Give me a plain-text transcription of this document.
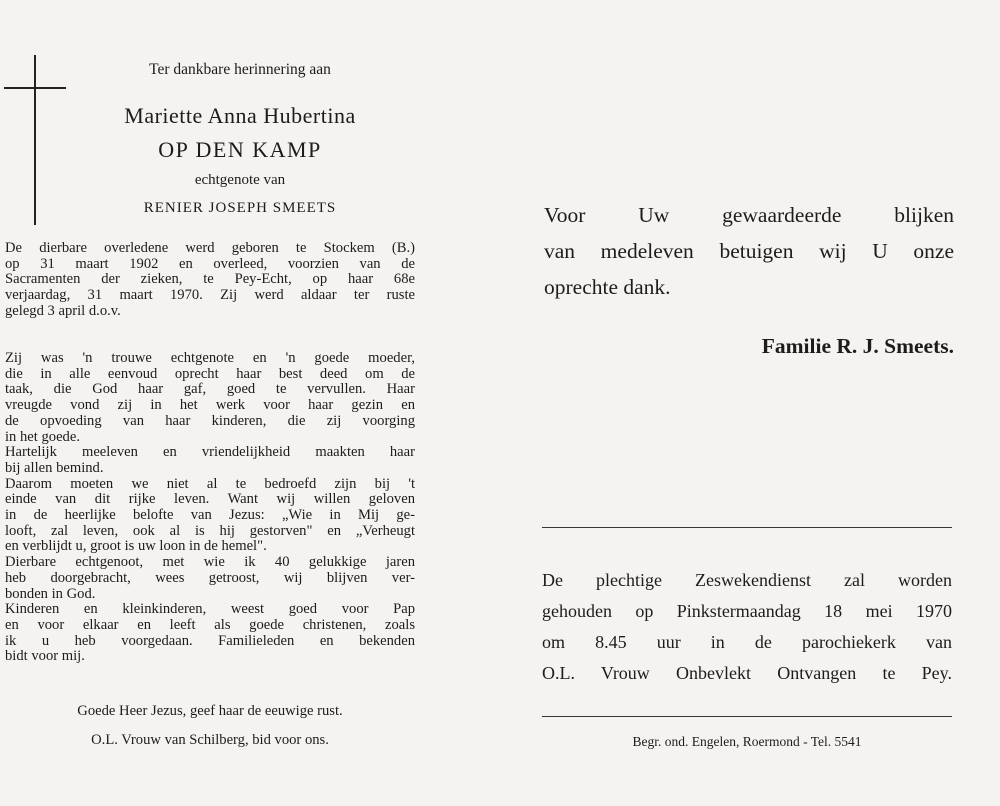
Ter dankbare herinnering aan
Mariette Anna Hubertina
OP DEN KAMP
echtgenote van
RENIER JOSEPH SMEETS
De dierbare overledene werd geboren te Stockem (B.)
op 31 maart 1902 en overleed, voorzien van de
Sacramenten der zieken, te Pey-Echt, op haar 68e
verjaardag, 31 maart 1970. Zij werd aldaar ter ruste
gelegd 3 april d.o.v.
Zij was 'n trouwe echtgenote en 'n goede moeder,
die in alle eenvoud oprecht haar best deed om de
taak, die God haar gaf, goed te vervullen. Haar
vreugde vond zij in het werk voor haar gezin en
de opvoeding van haar kinderen, die zij voorging
in het goede.
Hartelijk meeleven en vriendelijkheid maakten haar
bij allen bemind.
Daarom moeten we niet al te bedroefd zijn bij 't
einde van dit rijke leven. Want wij willen geloven
in de heerlijke belofte van Jezus: „Wie in Mij ge-
looft, zal leven, ook al is hij gestorven" en „Verheugt
en verblijdt u, groot is uw loon in de hemel".
Dierbare echtgenoot, met wie ik 40 gelukkige jaren
heb doorgebracht, wees getroost, wij blijven ver-
bonden in God.
Kinderen en kleinkinderen, weest goed voor Pap
en voor elkaar en leeft als goede christenen, zoals
ik u heb voorgedaan. Familieleden en bekenden
bidt voor mij.
Goede Heer Jezus, geef haar de eeuwige rust.
O.L. Vrouw van Schilberg, bid voor ons.
Voor Uw gewaardeerde blijken
van medeleven betuigen wij U onze
oprechte dank.
Familie R. J. Smeets.
De plechtige Zeswekendienst zal worden
gehouden op Pinkstermaandag 18 mei 1970
om 8.45 uur in de parochiekerk van
O.L. Vrouw Onbevlekt Ontvangen te Pey.
Begr. ond. Engelen, Roermond - Tel. 5541
